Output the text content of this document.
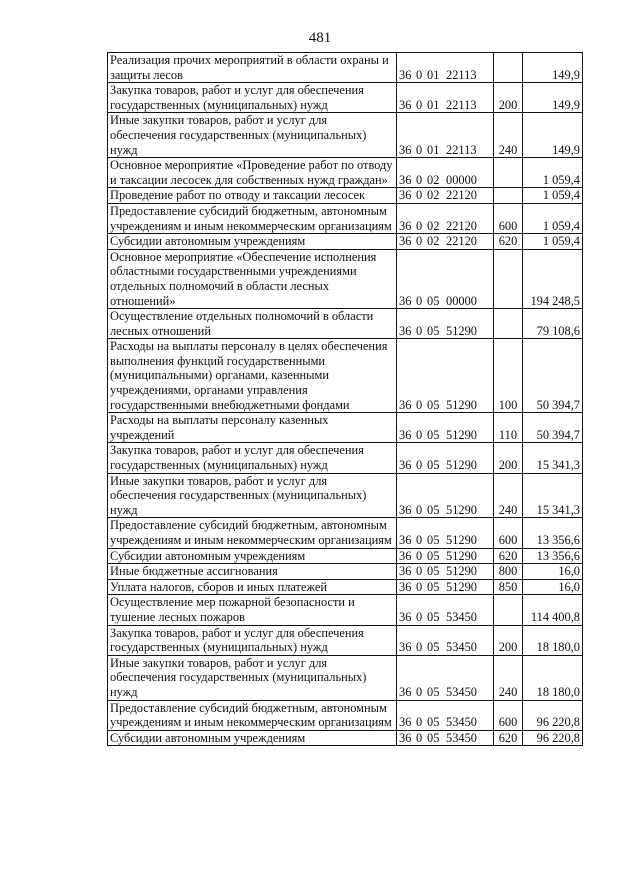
481
Реализация прочих мероприятий в области охраны и защиты лесов	36 0 01 22113		149,9
Закупка товаров, работ и услуг для обеспечения государственных (муниципальных) нужд	36 0 01 22113	200	149,9
Иные закупки товаров, работ и услуг для обеспечения государственных (муниципальных) нужд	36 0 01 22113	240	149,9
Основное мероприятие «Проведение работ по отводу и таксации лесосек для собственных нужд граждан»	36 0 02 00000		1 059,4
Проведение работ по отводу и таксации лесосек	36 0 02 22120		1 059,4
Предоставление субсидий бюджетным, автономным учреждениям и иным некоммерческим организациям	36 0 02 22120	600	1 059,4
Субсидии автономным учреждениям	36 0 02 22120	620	1 059,4
Основное мероприятие «Обеспечение исполнения областными государственными учреждениями отдельных полномочий в области лесных отношений»	36 0 05 00000		194 248,5
Осуществление отдельных полномочий в области лесных отношений	36 0 05 51290		79 108,6
Расходы на выплаты персоналу в целях обеспечения выполнения функций государственными (муниципальными) органами, казенными учреждениями, органами управления государственными внебюджетными фондами	36 0 05 51290	100	50 394,7
Расходы на выплаты персоналу казенных учреждений	36 0 05 51290	110	50 394,7
Закупка товаров, работ и услуг для обеспечения государственных (муниципальных) нужд	36 0 05 51290	200	15 341,3
Иные закупки товаров, работ и услуг для обеспечения государственных (муниципальных) нужд	36 0 05 51290	240	15 341,3
Предоставление субсидий бюджетным, автономным учреждениям и иным некоммерческим организациям	36 0 05 51290	600	13 356,6
Субсидии автономным учреждениям	36 0 05 51290	620	13 356,6
Иные бюджетные ассигнования	36 0 05 51290	800	16,0
Уплата налогов, сборов и иных платежей	36 0 05 51290	850	16,0
Осуществление мер пожарной безопасности и тушение лесных пожаров	36 0 05 53450		114 400,8
Закупка товаров, работ и услуг для обеспечения государственных (муниципальных) нужд	36 0 05 53450	200	18 180,0
Иные закупки товаров, работ и услуг для обеспечения государственных (муниципальных) нужд	36 0 05 53450	240	18 180,0
Предоставление субсидий бюджетным, автономным учреждениям и иным некоммерческим организациям	36 0 05 53450	600	96 220,8
Субсидии автономным учреждениям	36 0 05 53450	620	96 220,8
